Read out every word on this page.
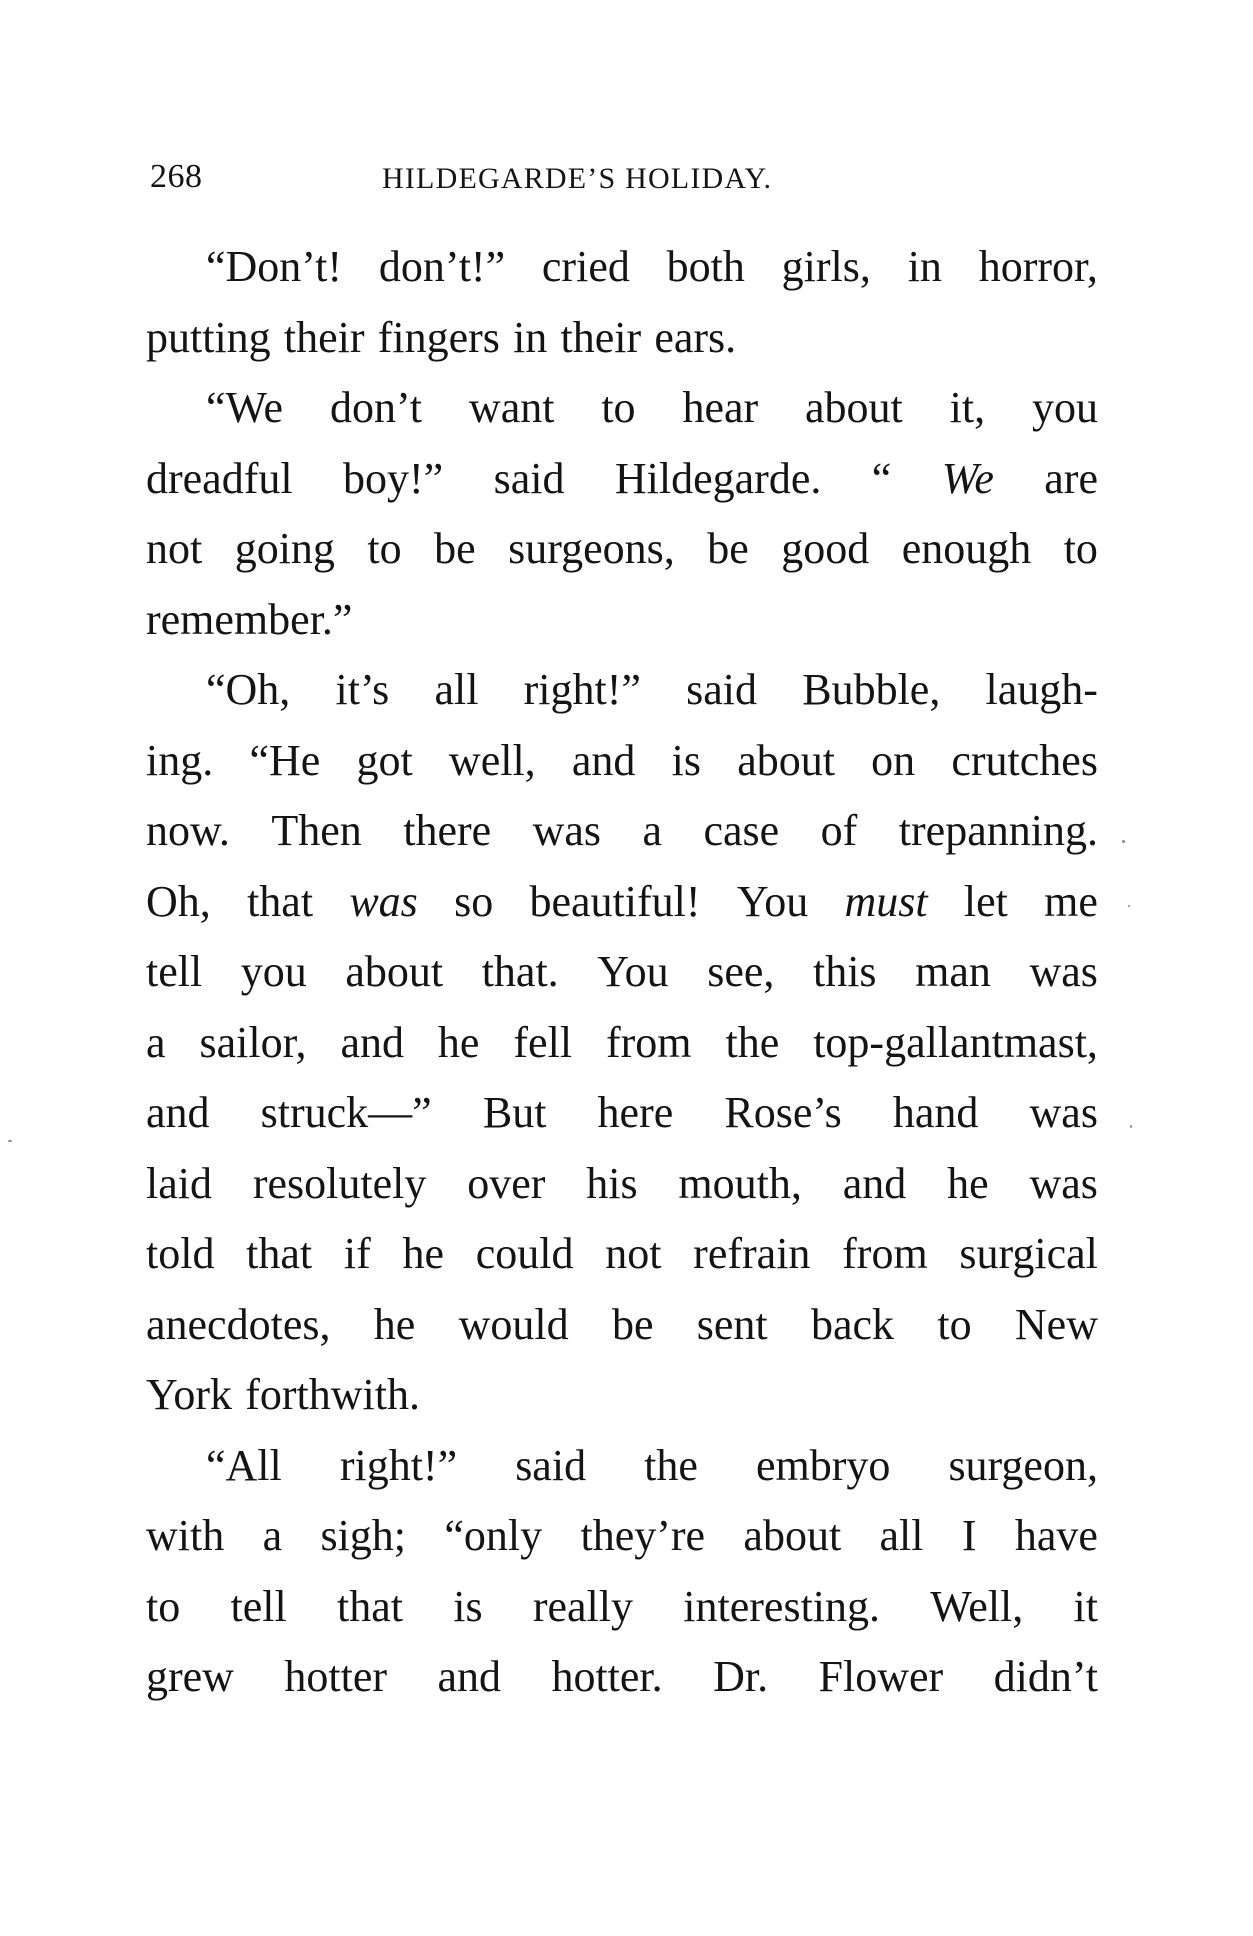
268	HILDEGARDE’S HOLIDAY.
“Don’t! don’t!” cried both girls, in horror,
putting their fingers in their ears.
“We don’t want to hear about it, you
dreadful boy!” said Hildegarde. “ We are
not going to be surgeons, be good enough to
remember.”
“Oh, it’s all right!” said Bubble, laugh-
ing. “He got well, and is about on crutches
now. Then there was a case of trepanning.
Oh, that was so beautiful! You must let me
tell you about that. You see, this man was
a sailor, and he fell from the top-gallantmast,
and struck—” But here Rose’s hand was
laid resolutely over his mouth, and he was
told that if he could not refrain from surgical
anecdotes, he would be sent back to New
York forthwith.
“All right!” said the embryo surgeon,
with a sigh; “only they’re about all I have
to tell that is really interesting. Well, it
grew hotter and hotter. Dr. Flower didn’t
